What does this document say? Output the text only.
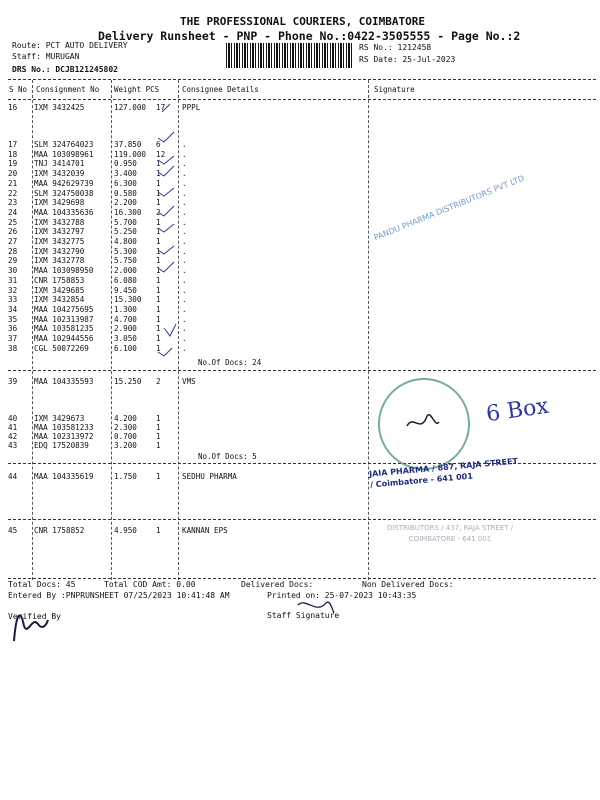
THE PROFESSIONAL COURIERS, COIMBATORE
Delivery Runsheet - PNP - Phone No.:0422-3505555 - Page No.:2
Route: PCT AUTO DELIVERY
Staff: MURUGAN
DRS No.: DCJB121245802
RS No.: 1212458
RS Date: 25-Jul-2023
S No Consignment No Weight PCS	Consignee Details	Signature
16 IXM 3432425	127.000 17 PPPL
17 SLM 324764023	37.850 6	.
18 MAA 103098961	119.000 12 .
19 TNJ 3414701	0.950	1	.
20 IXM 3432039	3.400	1	.
21 MAA 942629739	6.300	1	.
22 SLM 324750038	0.580	1	.
23 IXM 3429698	2.200	1	.
24 MAA 104335636	16.300 2	.
25 IXM 3432788	5.700	1	.
26 IXM 3432797	5.250	1	.
27 IXM 3432775	4.800	1	.
28 IXM 3432790	5.300	1	.
29 IXM 3432778	5.750	1	.
30 MAA 103098950	2.000	1	.
31 CNR 1758853	6.080	1	.
32 IXM 3429685	9.450	1	.
33 IXM 3432854	15.300 1	.
34 MAA 104275695	1.300	1	.
35 MAA 102313987	4.700	1	.
36 MAA 103581235	2.900	1	.
37 MAA 102944556	3.050	1	.
38 CGL 50072269	6.100	1	.
No.Of Docs: 24
39 MAA 104335593	15.250 2	VMS
40 IXM 3429673	4.200	1
41 MAA 103581233	2.300	1
42 MAA 102313972	0.700	1
43 EDQ 17520839	3.200	1
No.Of Docs: 5
44 MAA 104335619	1.750	1	SEDHU PHARMA
45 CNR 1758852	4.950	1	KANNAN EPS
Total Docs: 45	Total COD Amt: 0.00	Delivered Docs:	Non Delivered Docs:
Entered By :PNPRUNSHEET 07/25/2023 10:41:48 AM	Printed on: 25-07-2023 10:43:35
Verified By	Staff Signature
6 Box
PANDU PHARMA DISTRIBUTORS PVT LTD
JAIA PHARMA / 887, RAJA STREET / Coimbatore - 641 001
DISTRIBUTORS / 437, RAJA STREET / COIMBATORE - 641 001
